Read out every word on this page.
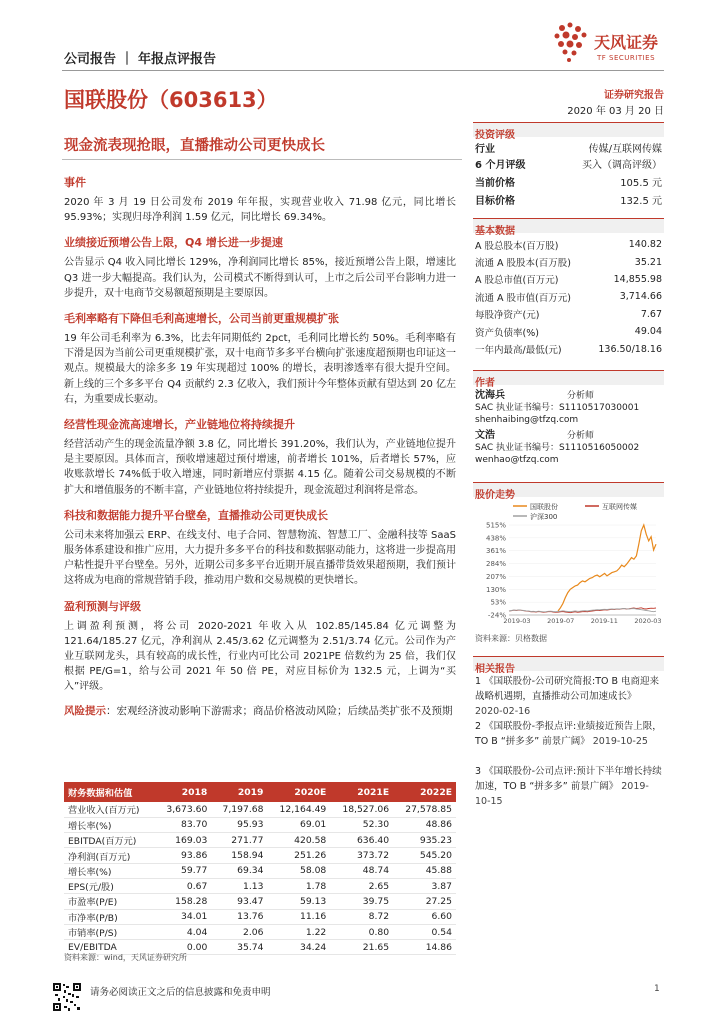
公司报告 ｜ 年报点评报告
天风证券
TF SECURITIES
国联股份（603613）	证券研究报告
2020 年 03 月 20 日
现金流表现抢眼，直播推动公司更快成长
事件
2020 年 3 月 19 日公司发布 2019 年年报，实现营业收入 71.98 亿元，同比增长 95.93%；实现归母净利润 1.59 亿元，同比增长 69.34%。
业绩接近预增公告上限，Q4 增长进一步提速
公告显示 Q4 收入同比增长 129%，净利润同比增长 85%，接近预增公告上限，增速比 Q3 进一步大幅提高。我们认为，公司模式不断得到认可，上市之后公司平台影响力进一步提升，双十电商节交易额超预期是主要原因。
毛利率略有下降但毛利高速增长，公司当前更重规模扩张
19 年公司毛利率为 6.3%，比去年同期低约 2pct，毛利同比增长约 50%。毛利率略有下滑是因为当前公司更重规模扩张，双十电商节多多平台横向扩张速度超预期也印证这一观点。规模最大的涂多多 19 年实现超过 100% 的增长，表明渗透率有很大提升空间。新上线的三个多多平台 Q4 贡献约 2.3 亿收入，我们预计今年整体贡献有望达到 20 亿左右，为重要成长驱动。
经营性现金流高速增长，产业链地位将持续提升
经营活动产生的现金流量净额 3.8 亿，同比增长 391.20%，我们认为，产业链地位提升是主要原因。具体而言，预收增速超过预付增速，前者增长 101%，后者增长 57%，应收账款增长 74%低于收入增速，同时新增应付票据 4.15 亿。随着公司交易规模的不断扩大和增值服务的不断丰富，产业链地位将持续提升，现金流超过利润将是常态。
科技和数据能力提升平台壁垒，直播推动公司更快成长
公司未来将加强云 ERP、在线支付、电子合同、智慧物流、智慧工厂、金融科技等 SaaS 服务体系建设和推广应用，大力提升多多平台的科技和数据驱动能力，这将进一步提高用户粘性提升平台壁垒。另外，近期公司多多平台近期开展直播带货效果超预期，我们预计这将成为电商的常规营销手段，推动用户数和交易规模的更快增长。
盈利预测与评级
上调盈利预测，将公司 2020-2021 年收入从 102.85/145.84 亿元调整为 121.64/185.27 亿元，净利润从 2.45/3.62 亿元调整为 2.51/3.74 亿元。公司作为产业互联网龙头，具有较高的成长性，行业内可比公司 2021PE 倍数约为 25 倍，我们仅根据 PE/G=1，给与公司 2021 年 50 倍 PE，对应目标价为 132.5 元，上调为“买入”评级。
风险提示：宏观经济波动影响下游需求；商品价格波动风险；后续品类扩张不及预期
财务数据和估值	2018	2019	2020E	2021E	2022E
营业收入(百万元)	3,673.60	7,197.68	12,164.49	18,527.06	27,578.85
增长率(%)	83.70	95.93	69.01	52.30	48.86
EBITDA(百万元)	169.03	271.77	420.58	636.40	935.23
净利润(百万元)	93.86	158.94	251.26	373.72	545.20
增长率(%)	59.77	69.34	58.08	48.74	45.88
EPS(元/股)	0.67	1.13	1.78	2.65	3.87
市盈率(P/E)	158.28	93.47	59.13	39.75	27.25
市净率(P/B)	34.01	13.76	11.16	8.72	6.60
市销率(P/S)	4.04	2.06	1.22	0.80	0.54
EV/EBITDA	0.00	35.74	34.24	21.65	14.86
资料来源：wind，天风证券研究所
投资评级
行业	传媒/互联网传媒
6 个月评级	买入（调高评级）
当前价格	105.5 元
目标价格	132.5 元
基本数据
A 股总股本(百万股)	140.82
流通 A 股股本(百万股)	35.21
A 股总市值(百万元)	14,855.98
流通 A 股市值(百万元)	3,714.66
每股净资产(元)	7.67
资产负债率(%)	49.04
一年内最高/最低(元)	136.50/18.16
作者
沈海兵	分析师
SAC 执业证书编号：S1110517030001
shenhaibing@tfzq.com
文浩	分析师
SAC 执业证书编号：S1110516050002
wenhao@tfzq.com
股价走势
515%
438%
361%
284%
207%
130%
53%
-24%
2019-03	2019-07	2019-11	2020-03
国联股份	互联网传媒
沪深300
资料来源：贝格数据
相关报告
1 《国联股份-公司研究简报:TO B 电商迎来战略机遇期，直播推动公司加速成长》 2020-02-16
2 《国联股份-季报点评:业绩接近预告上限，TO B “拼多多” 前景广阔》 2019-10-25
3 《国联股份-公司点评:预计下半年增长持续加速，TO B “拼多多” 前景广阔》 2019-10-15
请务必阅读正文之后的信息披露和免责申明	1
